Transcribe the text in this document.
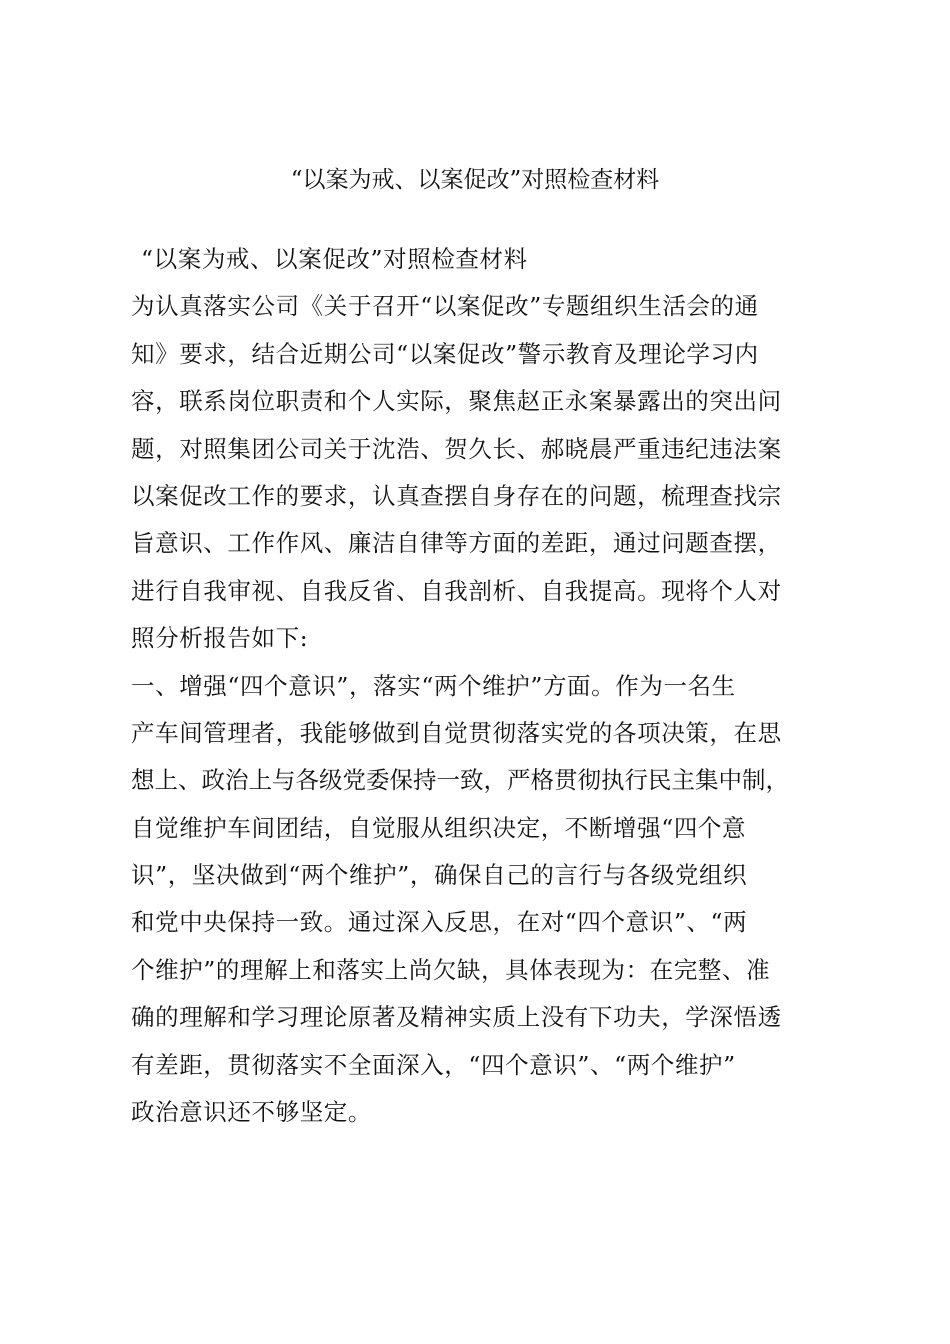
“以案为戒、以案促改”对照检查材料
“以案为戒、以案促改”对照检查材料
为认真落实公司《关于召开“以案促改”专题组织生活会的通
知》要求，结合近期公司“以案促改”警示教育及理论学习内
容，联系岗位职责和个人实际，聚焦赵正永案暴露出的突出问
题，对照集团公司关于沈浩、贺久长、郝晓晨严重违纪违法案
以案促改工作的要求，认真查摆自身存在的问题，梳理查找宗
旨意识、工作作风、廉洁自律等方面的差距，通过问题查摆，
进行自我审视、自我反省、自我剖析、自我提高。现将个人对
照分析报告如下:
一、增强“四个意识”，落实“两个维护”方面。作为一名生
产车间管理者，我能够做到自觉贯彻落实党的各项决策，在思
想上、政治上与各级党委保持一致，严格贯彻执行民主集中制，
自觉维护车间团结，自觉服从组织决定，不断增强“四个意
识”，坚决做到“两个维护”，确保自己的言行与各级党组织
和党中央保持一致。通过深入反思，在对“四个意识”、“两
个维护”的理解上和落实上尚欠缺，具体表现为：在完整、准
确的理解和学习理论原著及精神实质上没有下功夫，学深悟透
有差距，贯彻落实不全面深入，“四个意识”、“两个维护”
政治意识还不够坚定。
